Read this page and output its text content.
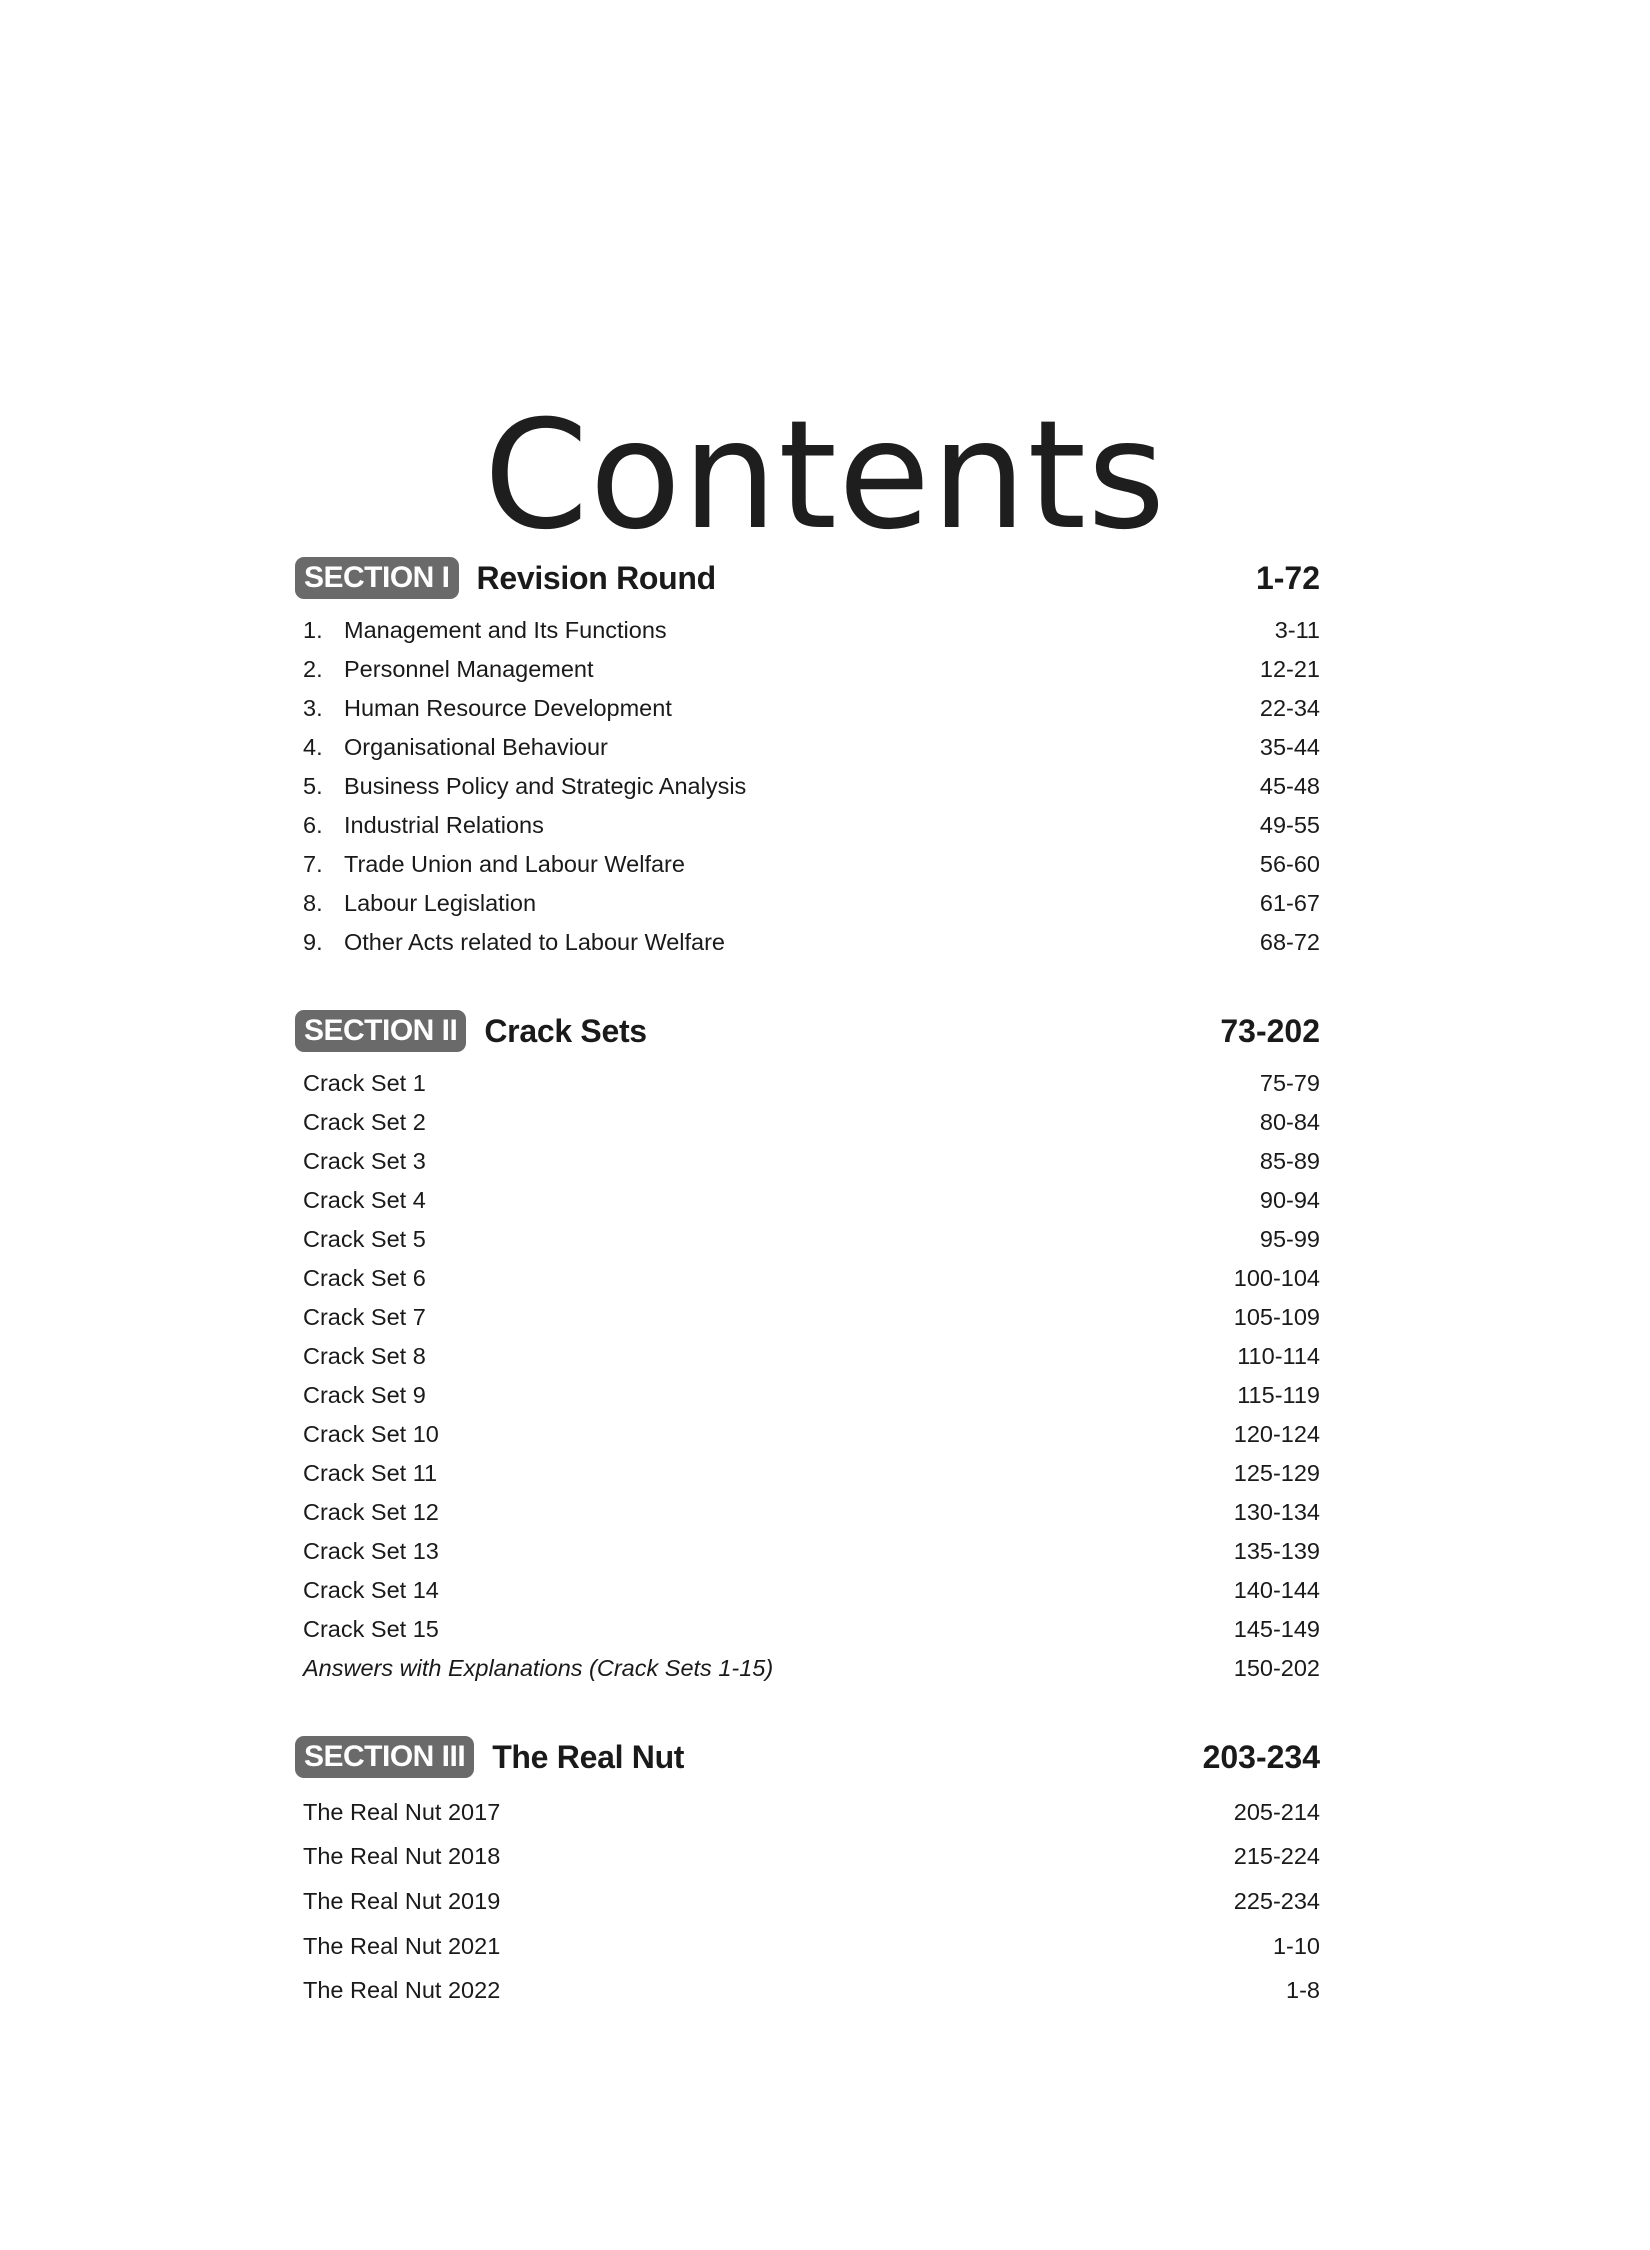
Contents
SECTION I Revision Round	1-72
1. Management and Its Functions	3-11
2. Personnel Management	12-21
3. Human Resource Development	22-34
4. Organisational Behaviour	35-44
5. Business Policy and Strategic Analysis	45-48
6. Industrial Relations	49-55
7. Trade Union and Labour Welfare	56-60
8. Labour Legislation	61-67
9. Other Acts related to Labour Welfare	68-72
SECTION II Crack Sets	73-202
Crack Set 1	75-79
Crack Set 2	80-84
Crack Set 3	85-89
Crack Set 4	90-94
Crack Set 5	95-99
Crack Set 6	100-104
Crack Set 7	105-109
Crack Set 8	110-114
Crack Set 9	115-119
Crack Set 10	120-124
Crack Set 11	125-129
Crack Set 12	130-134
Crack Set 13	135-139
Crack Set 14	140-144
Crack Set 15	145-149
Answers with Explanations (Crack Sets 1-15)	150-202
SECTION III The Real Nut	203-234
The Real Nut 2017	205-214
The Real Nut 2018	215-224
The Real Nut 2019	225-234
The Real Nut 2021	1-10
The Real Nut 2022	1-8
